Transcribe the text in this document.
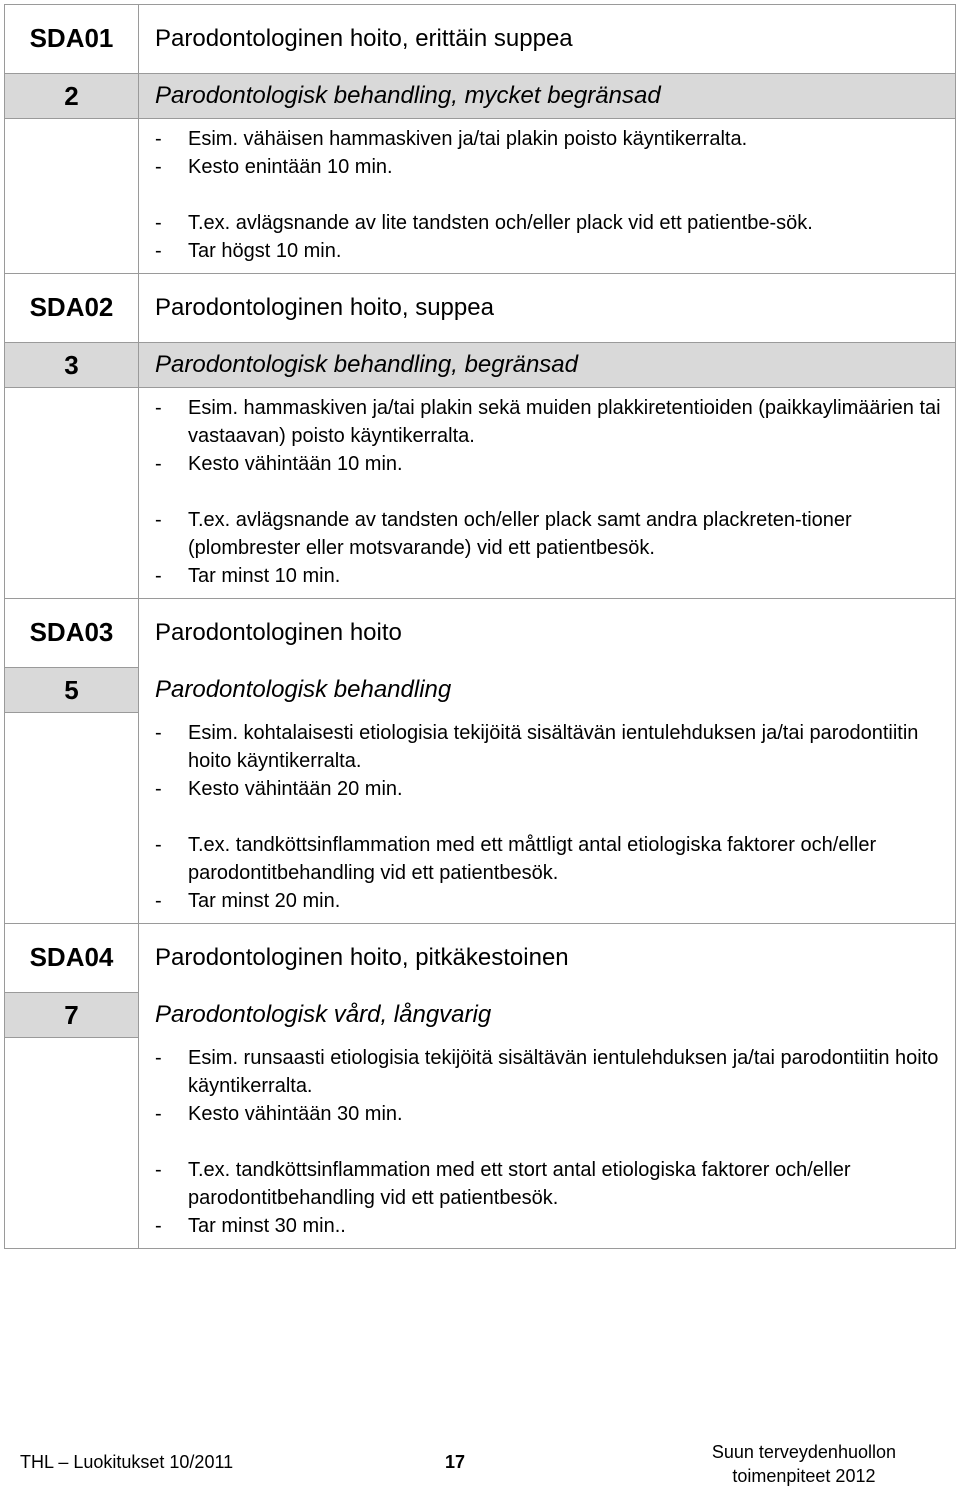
SDA01
2
Parodontologinen hoito, erittäin suppea
Parodontologisk behandling, mycket begränsad
- Esim. vähäisen hammaskiven ja/tai plakin poisto käyntikerralta.
- Kesto enintään 10 min.
- T.ex. avlägsnande av lite tandsten och/eller plack vid ett patientbe-sök.
- Tar högst 10 min.
SDA02
3
Parodontologinen hoito, suppea
Parodontologisk behandling, begränsad
- Esim. hammaskiven ja/tai plakin sekä muiden plakkiretentioiden (paikkaylimäärien tai vastaavan) poisto käyntikerralta.
- Kesto vähintään 10 min.
- T.ex. avlägsnande av tandsten och/eller plack samt andra plackreten-tioner (plombrester eller motsvarande) vid ett patientbesök.
- Tar minst 10 min.
SDA03
5
Parodontologinen hoito
Parodontologisk behandling
- Esim. kohtalaisesti etiologisia tekijöitä sisältävän ientulehduksen ja/tai parodontiitin hoito käyntikerralta.
- Kesto vähintään 20 min.
- T.ex. tandköttsinflammation med ett måttligt antal etiologiska faktorer och/eller parodontitbehandling vid ett patientbesök.
- Tar minst 20 min.
SDA04
7
Parodontologinen hoito, pitkäkestoinen
Parodontologisk vård, långvarig
- Esim. runsaasti etiologisia tekijöitä sisältävän ientulehduksen ja/tai parodontiitin hoito käyntikerralta.
- Kesto vähintään 30 min.
- T.ex. tandköttsinflammation med ett stort antal etiologiska faktorer och/eller parodontitbehandling vid ett patientbesök.
- Tar minst 30 min..
THL – Luokitukset 10/2011	17	Suun terveydenhuollon
toimenpiteet 2012
